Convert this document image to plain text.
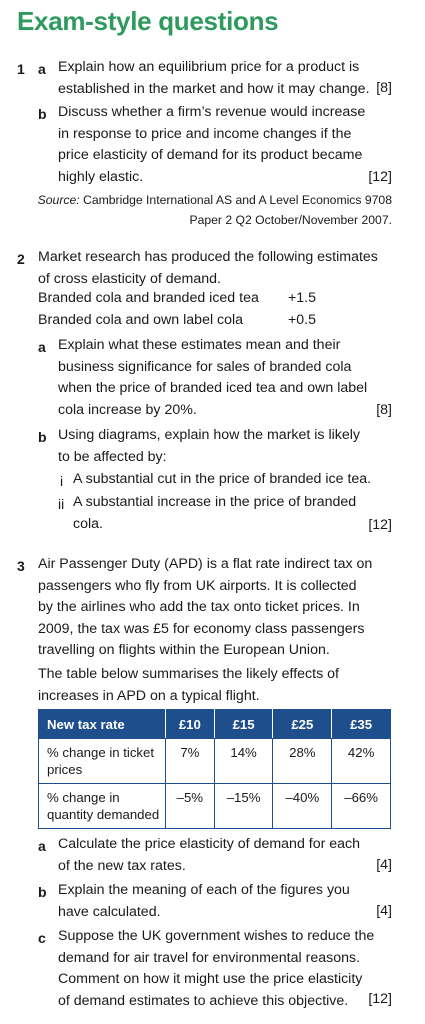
Exam-style questions
1 a Explain how an equilibrium price for a product is
established in the market and how it may change. [8]
b Discuss whether a firm’s revenue would increase
in response to price and income changes if the
price elasticity of demand for its product became
highly elastic.	[12]
Source: Cambridge International AS and A Level Economics 9708
Paper 2 Q2 October/November 2007.
2 Market research has produced the following estimates
of cross elasticity of demand.
Branded cola and branded iced tea +1.5
Branded cola and own label cola	+0.5
a Explain what these estimates mean and their
business significance for sales of branded cola
when the price of branded iced tea and own label
cola increase by 20%.	[8]
b Using diagrams, explain how the market is likely
to be affected by:
i A substantial cut in the price of branded ice tea.
ii A substantial increase in the price of branded
cola.	[12]
3 Air Passenger Duty (APD) is a flat rate indirect tax on
passengers who fly from UK airports. It is collected
by the airlines who add the tax onto ticket prices. In
2009, the tax was £5 for economy class passengers
travelling on flights within the European Union.
The table below summarises the likely effects of
increases in APD on a typical flight.
New tax rate	£10	£15	£25	£35
% change in ticket prices	7%	14%	28%	42%
% change in quantity demanded	–5%	–15%	–40%	–66%
a Calculate the price elasticity of demand for each
of the new tax rates.	[4]
b Explain the meaning of each of the figures you
have calculated.	[4]
c Suppose the UK government wishes to reduce the
demand for air travel for environmental reasons.
Comment on how it might use the price elasticity
of demand estimates to achieve this objective.	[12]
